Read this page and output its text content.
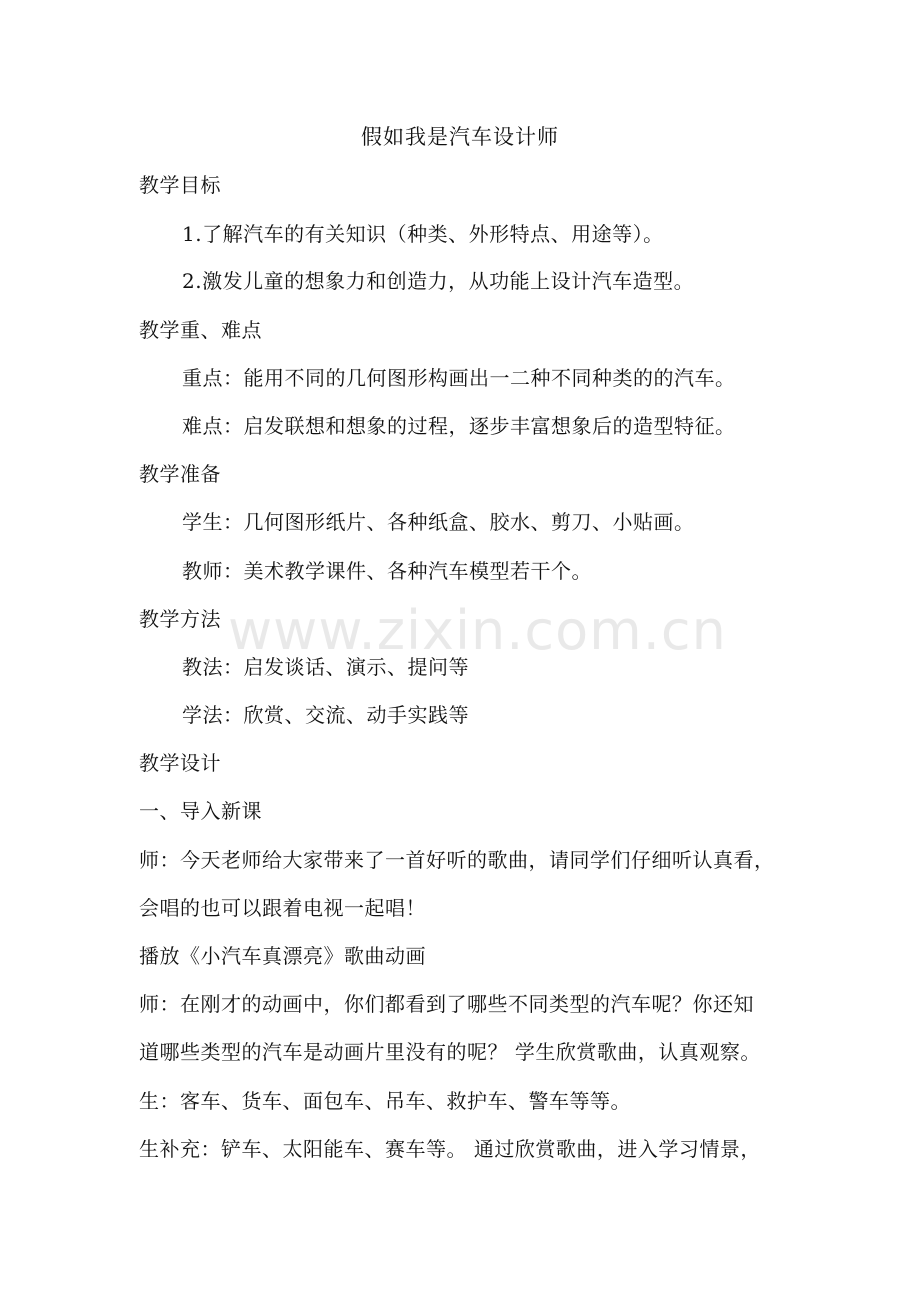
假如我是汽车设计师
教学目标
1.了解汽车的有关知识（种类、外形特点、用途等）。
2.激发儿童的想象力和创造力，从功能上设计汽车造型。
教学重、难点
重点：能用不同的几何图形构画出一二种不同种类的的汽车。
难点：启发联想和想象的过程，逐步丰富想象后的造型特征。
教学准备
学生：几何图形纸片、各种纸盒、胶水、剪刀、小贴画。
教师：美术教学课件、各种汽车模型若干个。
教学方法
教法：启发谈话、演示、提问等
学法：欣赏、交流、动手实践等
教学设计
一、导入新课
师：今天老师给大家带来了一首好听的歌曲，请同学们仔细听认真看，
会唱的也可以跟着电视一起唱！
播放《小汽车真漂亮》歌曲动画
师：在刚才的动画中，你们都看到了哪些不同类型的汽车呢？你还知
道哪些类型的汽车是动画片里没有的呢？ 学生欣赏歌曲，认真观察。
生：客车、货车、面包车、吊车、救护车、警车等等。
生补充：铲车、太阳能车、赛车等。 通过欣赏歌曲，进入学习情景，
www.zixin.com.cn
